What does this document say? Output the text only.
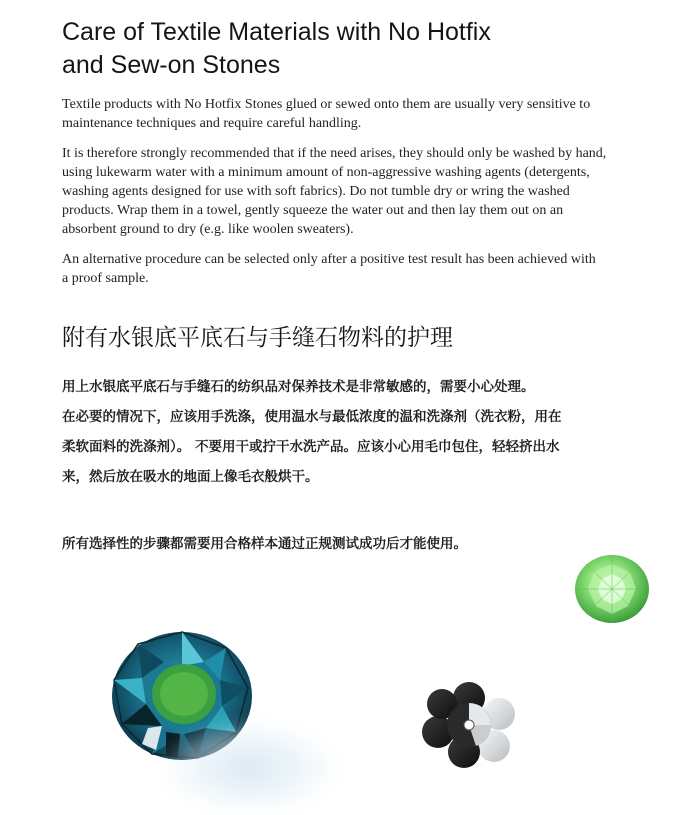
Care of Textile Materials with No Hotfix
and Sew-on Stones

Textile products with No Hotfix Stones glued or sewed onto them are usually very sensitive to
maintenance techniques and require careful handling.

It is therefore strongly recommended that if the need arises, they should only be washed by hand,
using lukewarm water with a minimum amount of non-aggressive washing agents (detergents,
washing agents designed for use with soft fabrics). Do not tumble dry or wring the washed
products. Wrap them in a towel, gently squeeze the water out and then lay them out on an
absorbent ground to dry (e.g. like woolen sweaters).

An alternative procedure can be selected only after a positive test result has been achieved with
a proof sample.

附有水银底平底石与手缝石物料的护理
用上水银底平底石与手缝石的纺织品对保养技术是非常敏感的，需要小心处理。
在必要的情况下，应该用手洗涤，使用温水与最低浓度的温和洗涤剂（洗衣粉，用在
柔软面料的洗涤剂）。 不要用干或拧干水洗产品。应该小心用毛巾包住，轻轻挤出水
来，然后放在吸水的地面上像毛衣般烘干。
所有选择性的步骤都需要用合格样本通过正规测试成功后才能使用。
